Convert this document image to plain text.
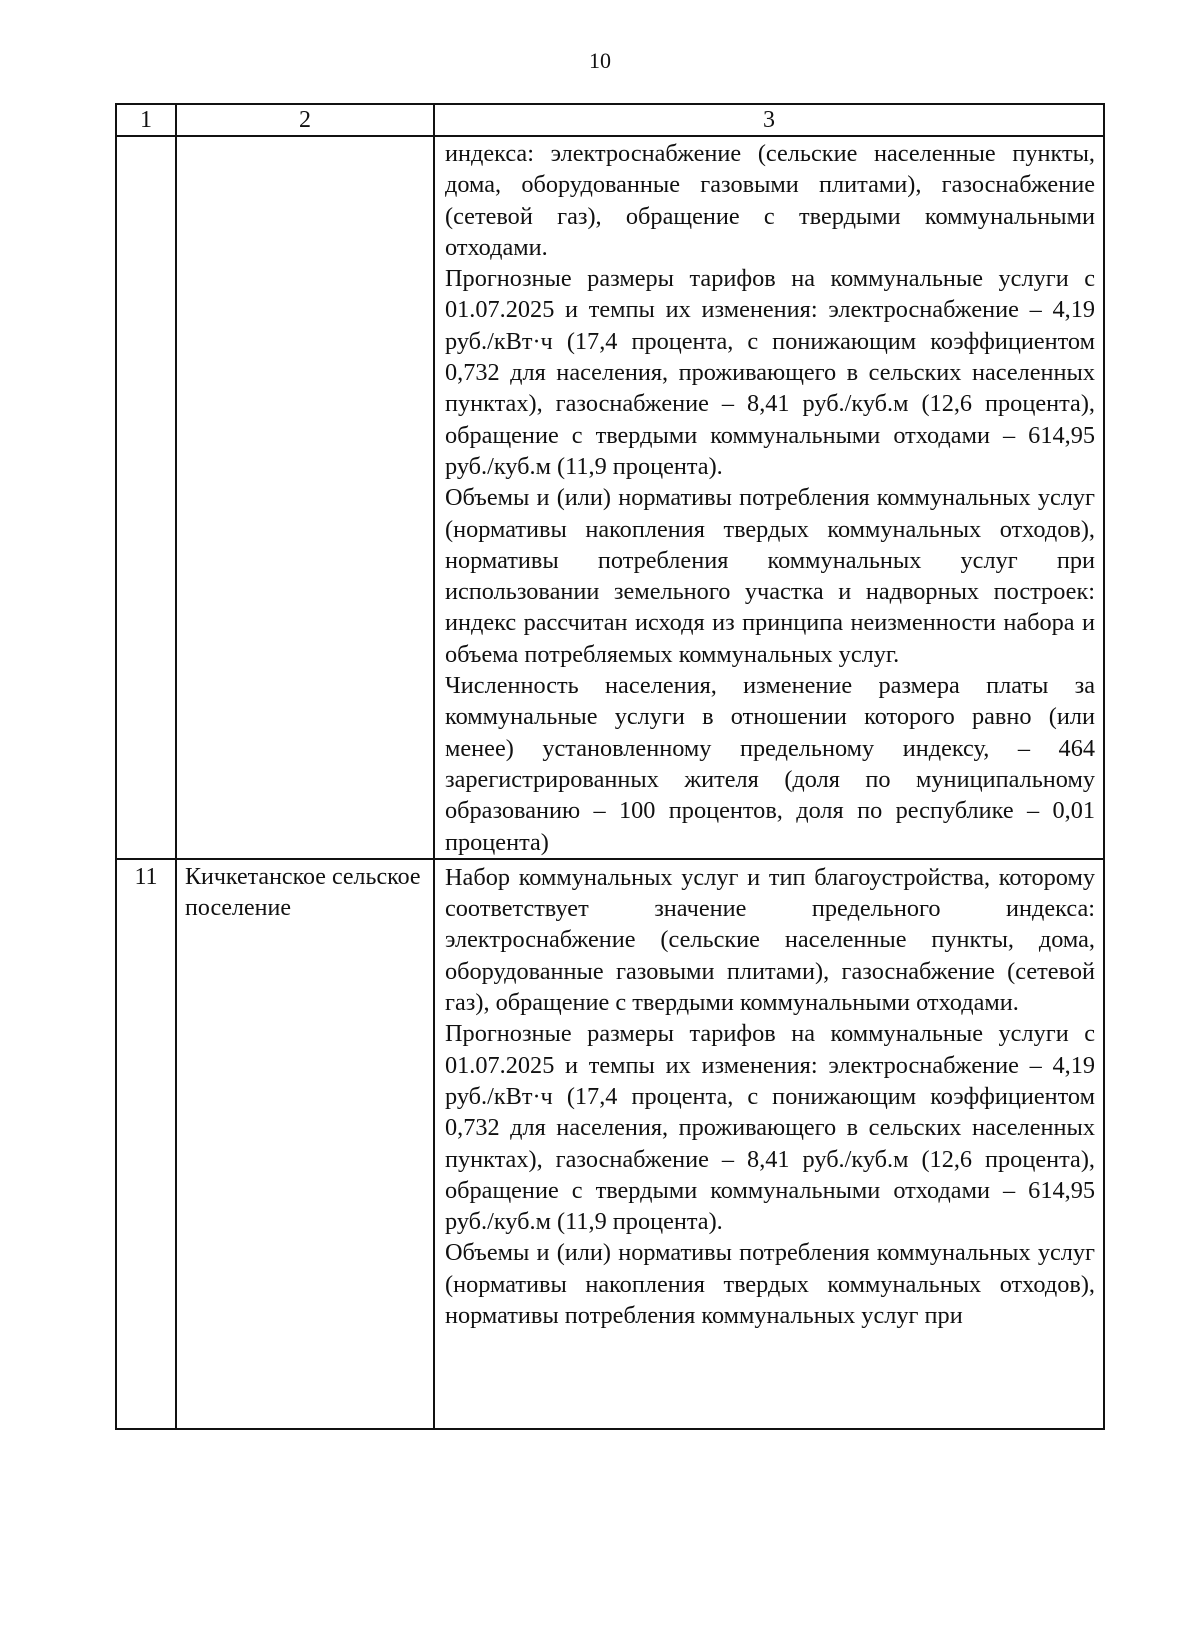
10
1	2	3

		индекса: электроснабжение (сельские населенные пункты, дома, оборудованные газовыми плитами), газоснабжение (сетевой газ), обращение с твердыми коммунальными отходами.

Прогнозные размеры тарифов на коммунальные услуги с 01.07.2025 и темпы их изменения: электроснабжение – 4,19 руб./кВт·ч (17,4 процента, с понижающим коэффициентом 0,732 для населения, проживающего в сельских населенных пунктах), газоснабжение – 8,41 руб./куб.м (12,6 процента), обращение с твердыми коммунальными отходами – 614,95 руб./куб.м (11,9 процента).

Объемы и (или) нормативы потребления коммунальных услуг (нормативы накопления твердых коммунальных отходов), нормативы потребления коммунальных услуг при использовании земельного участка и надворных построек: индекс рассчитан исходя из принципа неизменности набора и объема потребляемых коммунальных услуг.

Численность населения, изменение размера платы за коммунальные услуги в отношении которого равно (или менее) установленному предельному индексу, – 464 зарегистрированных жителя (доля по муниципальному образованию – 100 процентов, доля по республике – 0,01 процента)

11	Кичкетанское сельское поселение	Набор коммунальных услуг и тип благоустройства, которому соответствует значение предельного индекса: электроснабжение (сельские населенные пункты, дома, оборудованные газовыми плитами), газоснабжение (сетевой газ), обращение с твердыми коммунальными отходами.

Прогнозные размеры тарифов на коммунальные услуги с 01.07.2025 и темпы их изменения: электроснабжение – 4,19 руб./кВт·ч (17,4 процента, с понижающим коэффициентом 0,732 для населения, проживающего в сельских населенных пунктах), газоснабжение – 8,41 руб./куб.м (12,6 процента), обращение с твердыми коммунальными отходами – 614,95 руб./куб.м (11,9 процента).

Объемы и (или) нормативы потребления коммунальных услуг (нормативы накопления твердых коммунальных отходов), нормативы потребления коммунальных услуг при
